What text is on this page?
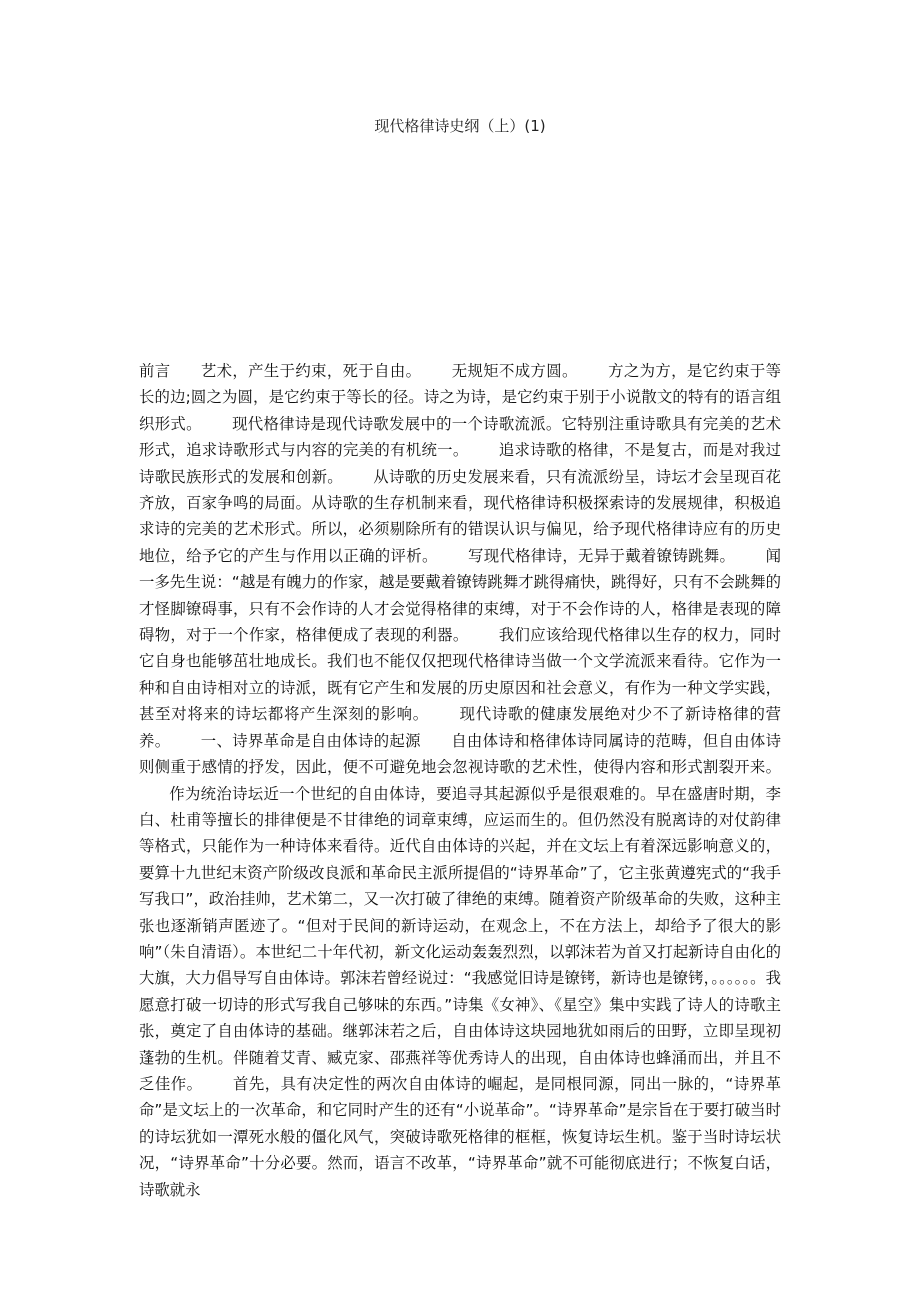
现代格律诗史纲（上）(1)
前言 艺术，产生于约束，死于自由。 无规矩不成方圆。 方之为方，是它约束于等长的边;圆之为圆，是它约束于等长的径。诗之为诗，是它约束于别于小说散文的特有的语言组织形式。 现代格律诗是现代诗歌发展中的一个诗歌流派。它特别注重诗歌具有完美的艺术形式，追求诗歌形式与内容的完美的有机统一。 追求诗歌的格律，不是复古，而是对我过诗歌民族形式的发展和创新。 从诗歌的历史发展来看，只有流派纷呈，诗坛才会呈现百花齐放，百家争鸣的局面。从诗歌的生存机制来看，现代格律诗积极探索诗的发展规律，积极追求诗的完美的艺术形式。所以，必须剔除所有的错误认识与偏见，给予现代格律诗应有的历史地位，给予它的产生与作用以正确的评析。 写现代格律诗，无异于戴着镣铸跳舞。 闻一多先生说：“越是有魄力的作家，越是要戴着镣铸跳舞才跳得痛快，跳得好，只有不会跳舞的才怪脚镣碍事，只有不会作诗的人才会觉得格律的束缚，对于不会作诗的人，格律是表现的障碍物，对于一个作家，格律便成了表现的利器。 我们应该给现代格律以生存的权力，同时它自身也能够茁壮地成长。我们也不能仅仅把现代格律诗当做一个文学流派来看待。它作为一种和自由诗相对立的诗派，既有它产生和发展的历史原因和社会意义，有作为一种文学实践，甚至对将来的诗坛都将产生深刻的影响。 现代诗歌的健康发展绝对少不了新诗格律的营养。 一、诗界革命是自由体诗的起源 自由体诗和格律体诗同属诗的范畴，但自由体诗则侧重于感情的抒发，因此，便不可避免地会忽视诗歌的艺术性，使得内容和形式割裂开来。作为统治诗坛近一个世纪的自由体诗，要追寻其起源似乎是很艰难的。早在盛唐时期，李白、杜甫等擅长的排律便是不甘律绝的词章束缚，应运而生的。但仍然没有脱离诗的对仗韵律等格式，只能作为一种诗体来看待。近代自由体诗的兴起，并在文坛上有着深远影响意义的，要算十九世纪末资产阶级改良派和革命民主派所提倡的“诗界革命”了，它主张黄遵宪式的“我手写我口”，政治挂帅，艺术第二，又一次打破了律绝的束缚。随着资产阶级革命的失败，这种主张也逐渐销声匿迹了。“但对于民间的新诗运动，在观念上，不在方法上，却给予了很大的影响”（朱自清语）。本世纪二十年代初，新文化运动轰轰烈烈，以郭沫若为首又打起新诗自由化的大旗，大力倡导写自由体诗。郭沫若曾经说过：“我感觉旧诗是镣铐，新诗也是镣铐，。。。。。。我愿意打破一切诗的形式写我自己够味的东西。”诗集《女神》、《星空》集中实践了诗人的诗歌主张，奠定了自由体诗的基础。继郭沫若之后，自由体诗这块园地犹如雨后的田野，立即呈现初蓬勃的生机。伴随着艾青、臧克家、邵燕祥等优秀诗人的出现，自由体诗也蜂涌而出，并且不乏佳作。 首先，具有决定性的两次自由体诗的崛起，是同根同源，同出一脉的，“诗界革命”是文坛上的一次革命，和它同时产生的还有“小说革命”。“诗界革命”是宗旨在于要打破当时的诗坛犹如一潭死水般的僵化风气，突破诗歌死格律的框框，恢复诗坛生机。鉴于当时诗坛状况，“诗界革命”十分必要。然而，语言不改革，“诗界革命”就不可能彻底进行；不恢复白话，诗歌就永
